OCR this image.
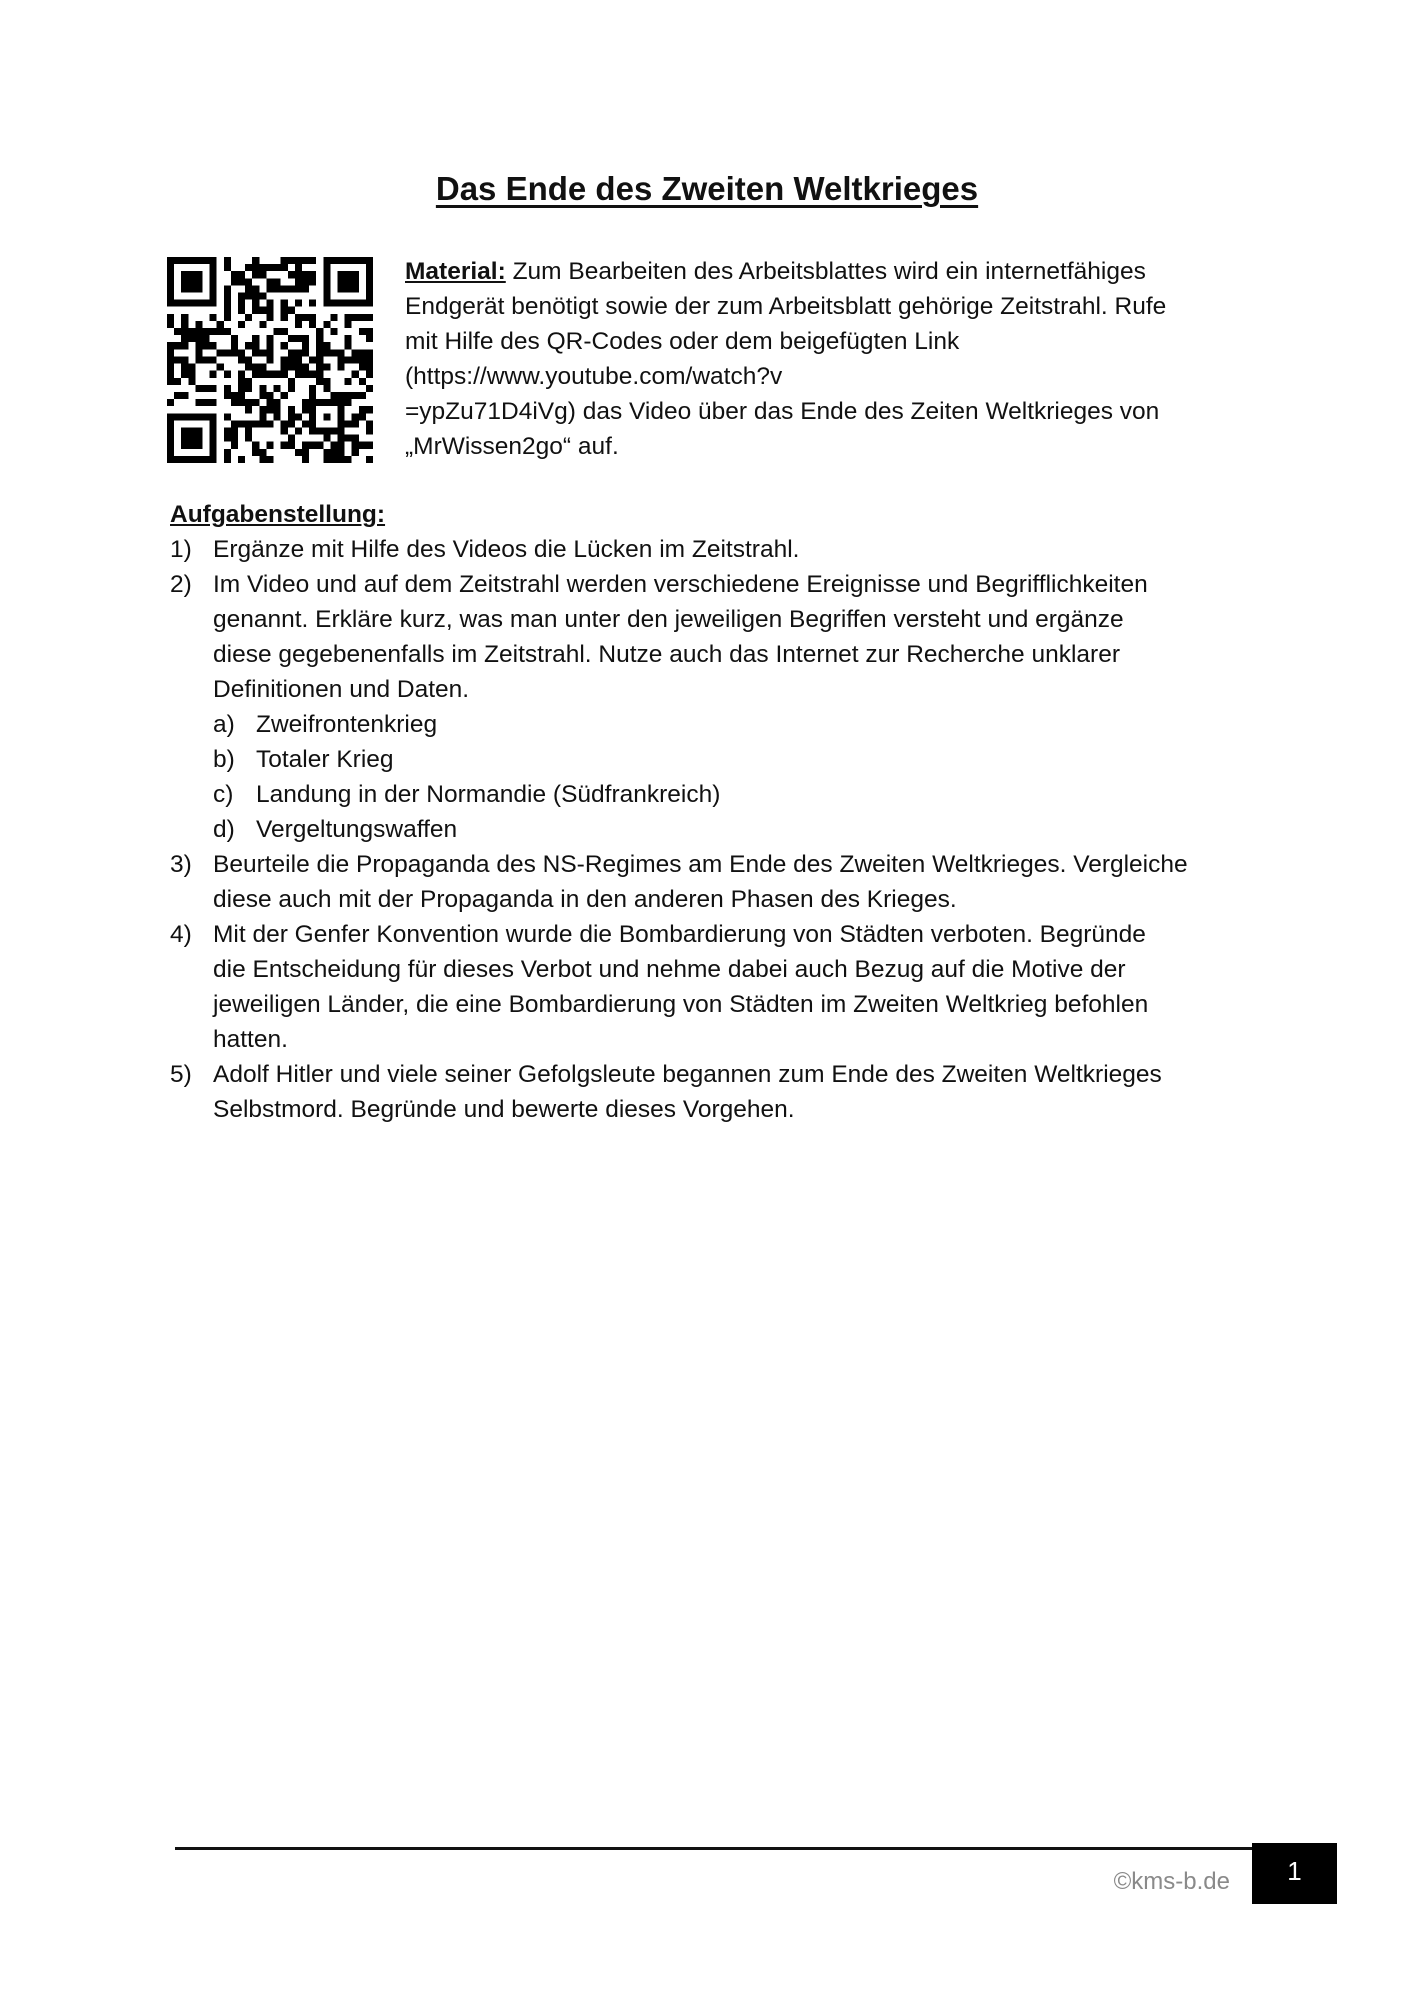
Das Ende des Zweiten Weltkrieges
Material: Zum Bearbeiten des Arbeitsblattes wird ein internetfähiges
Endgerät benötigt sowie der zum Arbeitsblatt gehörige Zeitstrahl. Rufe
mit Hilfe des QR-Codes oder dem beigefügten Link
(https://www.youtube.com/watch?v
=ypZu71D4iVg) das Video über das Ende des Zeiten Weltkrieges von
„MrWissen2go“ auf.
Aufgabenstellung:
1) Ergänze mit Hilfe des Videos die Lücken im Zeitstrahl.
2) Im Video und auf dem Zeitstrahl werden verschiedene Ereignisse und Begrifflichkeiten
genannt. Erkläre kurz, was man unter den jeweiligen Begriffen versteht und ergänze
diese gegebenenfalls im Zeitstrahl. Nutze auch das Internet zur Recherche unklarer
Definitionen und Daten.
a) Zweifrontenkrieg
b) Totaler Krieg
c) Landung in der Normandie (Südfrankreich)
d) Vergeltungswaffen
3) Beurteile die Propaganda des NS-Regimes am Ende des Zweiten Weltkrieges. Vergleiche
diese auch mit der Propaganda in den anderen Phasen des Krieges.
4) Mit der Genfer Konvention wurde die Bombardierung von Städten verboten. Begründe
die Entscheidung für dieses Verbot und nehme dabei auch Bezug auf die Motive der
jeweiligen Länder, die eine Bombardierung von Städten im Zweiten Weltkrieg befohlen
hatten.
5) Adolf Hitler und viele seiner Gefolgsleute begannen zum Ende des Zweiten Weltkrieges
Selbstmord. Begründe und bewerte dieses Vorgehen.
©kms-b.de 1
